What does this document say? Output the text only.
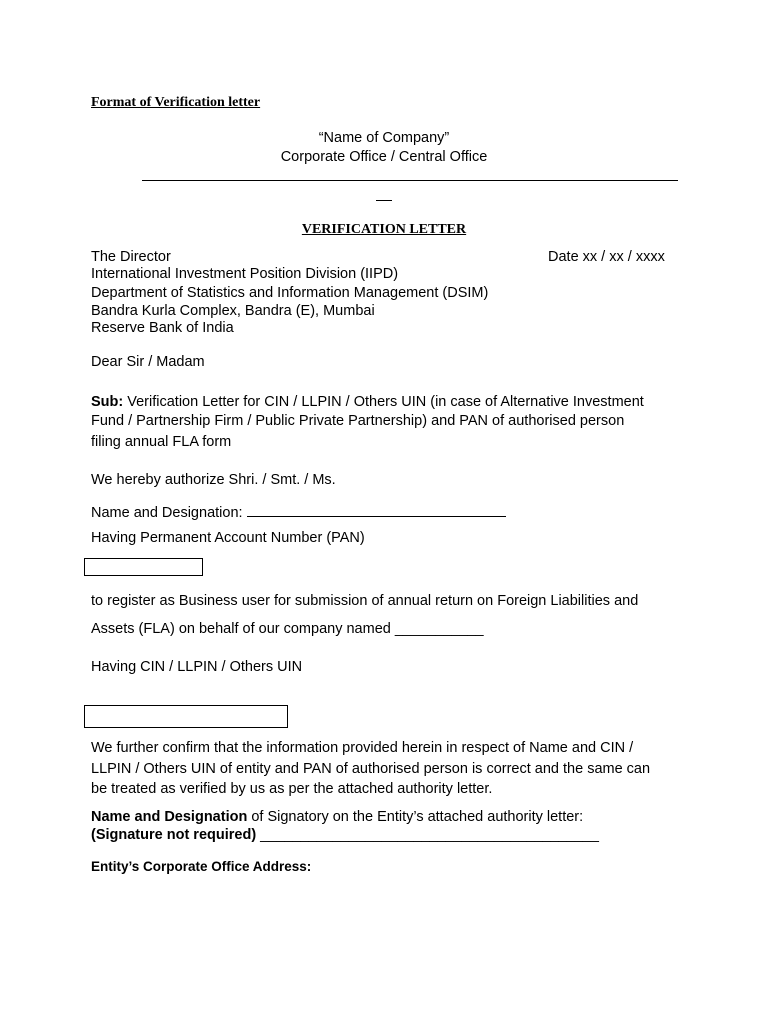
Format of Verification letter
“Name of Company”
Corporate Office / Central Office
VERIFICATION LETTER
The Director	Date xx / xx / xxxx
International Investment Position Division (IIPD)
Department of Statistics and Information Management (DSIM)
Bandra Kurla Complex, Bandra (E), Mumbai
Reserve Bank of India
Dear Sir / Madam
Sub: Verification Letter for CIN / LLPIN / Others UIN (in case of Alternative Investment
Fund / Partnership Firm / Public Private Partnership) and PAN of authorised person
filing annual FLA form
We hereby authorize Shri. / Smt. / Ms.
Name and Designation:
Having Permanent Account Number (PAN)
to register as Business user for submission of annual return on Foreign Liabilities and
Assets (FLA) on behalf of our company named ___________
Having CIN / LLPIN / Others UIN
We further confirm that the information provided herein in respect of Name and CIN /
LLPIN / Others UIN of entity and PAN of authorised person is correct and the same can
be treated as verified by us as per the attached authority letter.
Name and Designation of Signatory on the Entity’s attached authority letter:
(Signature not required) __________________________________________
Entity’s Corporate Office Address:
